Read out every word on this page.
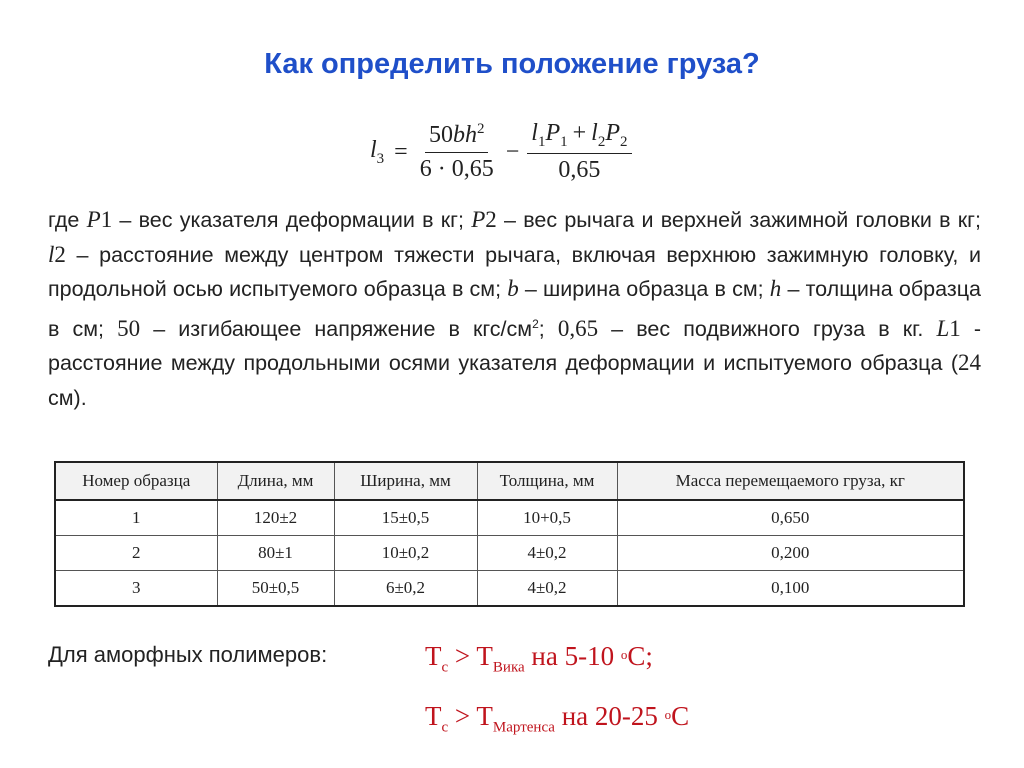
Как определить положение груза?
$l_3 = \frac{50bh^2}{6 \cdot 0,65} - \frac{l_1P_1 + l_2P_2}{0,65}$
где P1 – вес указателя деформации в кг; P2 – вес рычага и верхней зажимной головки в кг; l2 – расстояние между центром тяжести рычага, включая верхнюю зажимную головку, и продольной осью испытуемого образца в см; b – ширина образца в см; h – толщина образца в см; 50 – изгибающее напряжение в кгс/$см^2$; 0,65 – вес подвижного груза в кг. L1 - расстояние между продольными осями указателя деформации и испытуемого образца (24 см).
Номер образца	Длина, мм	Ширина, мм	Толщина, мм	Масса перемещаемого груза, кг
1	120±2	15±0,5	10+0,5	0,650
2	80±1	10±0,2	4±0,2	0,200
3	50±0,5	6±0,2	4±0,2	0,100
Для аморфных полимеров:	$T_c > T_{Вика}$ на 5-10 $^o$C;
$T_c > T_{Мартенса}$ на 20-25 $^o$C
